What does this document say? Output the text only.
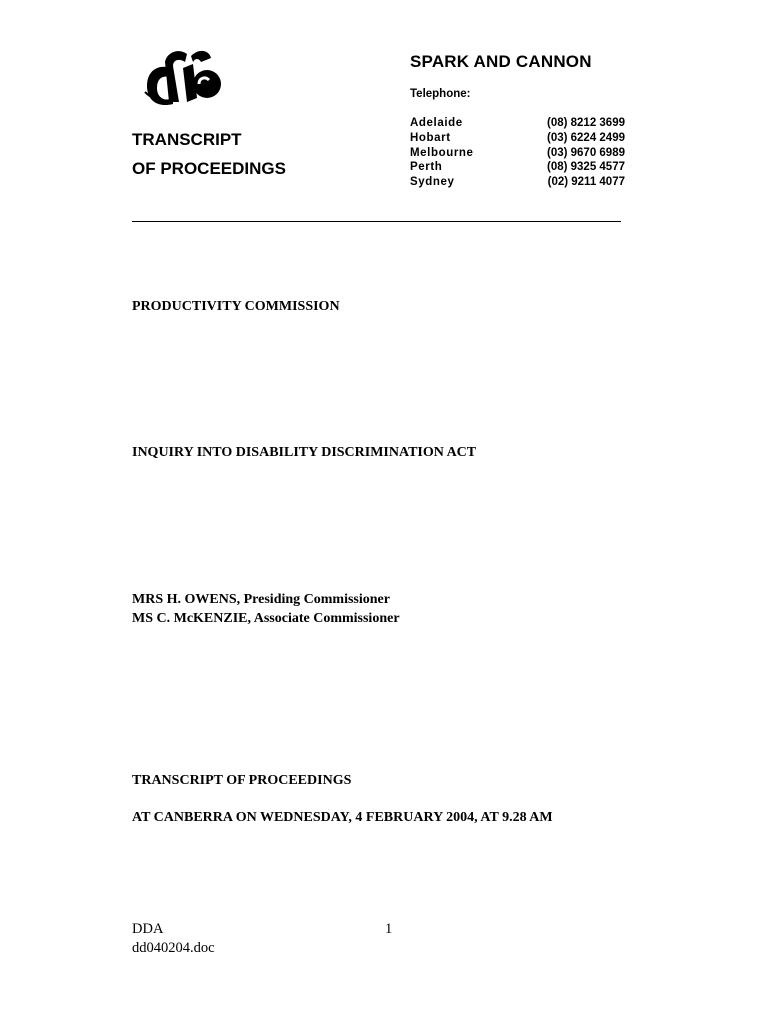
SPARK AND CANNON
Telephone:
Adelaide	(08) 8212 3699
Hobart	(03) 6224 2499
Melbourne	(03) 9670 6989
Perth	(08) 9325 4577
Sydney	(02) 9211 4077
TRANSCRIPT
OF PROCEEDINGS
PRODUCTIVITY COMMISSION
INQUIRY INTO DISABILITY DISCRIMINATION ACT
MRS H. OWENS, Presiding Commissioner
MS C. McKENZIE, Associate Commissioner
TRANSCRIPT OF PROCEEDINGS
AT CANBERRA ON WEDNESDAY, 4 FEBRUARY 2004, AT 9.28 AM
DDA
dd040204.doc
1
